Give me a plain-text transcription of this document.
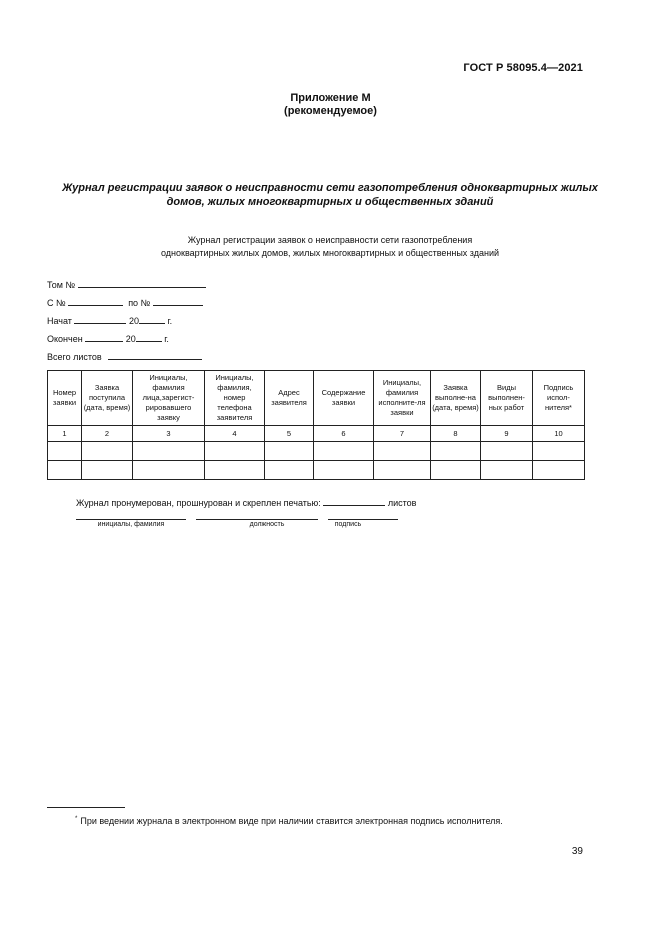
ГОСТ Р 58095.4—2021
Приложение М
(рекомендуемое)
Журнал регистрации заявок о неисправности сети газопотребления одноквартирных жилых
домов, жилых многоквартирных и общественных зданий
Журнал регистрации заявок о неисправности сети газопотребления
одноквартирных жилых домов, жилых многоквартирных и общественных зданий
Том №
С №	по №
Начат	20	г.
Окончен	20	г.
Всего листов
Номер заявки	Заявка поступила (дата, время)	Инициалы, фамилия лица,зарегист-рировавшего заявку	Инициалы, фамилия, номер телефона заявителя	Адрес заявителя	Содержание заявки	Инициалы, фамилия исполните-ля заявки	Заявка выполне-на (дата, время)	Виды выполнен-ных работ	Подпись испол-нителя*
1	2	3	4	5	6	7	8	9	10

Журнал пронумерован, прошнурован и скреплен печатью:	листов
инициалы, фамилия	должность	подпись
* При ведении журнала в электронном виде при наличии ставится электронная подпись исполнителя.
39
